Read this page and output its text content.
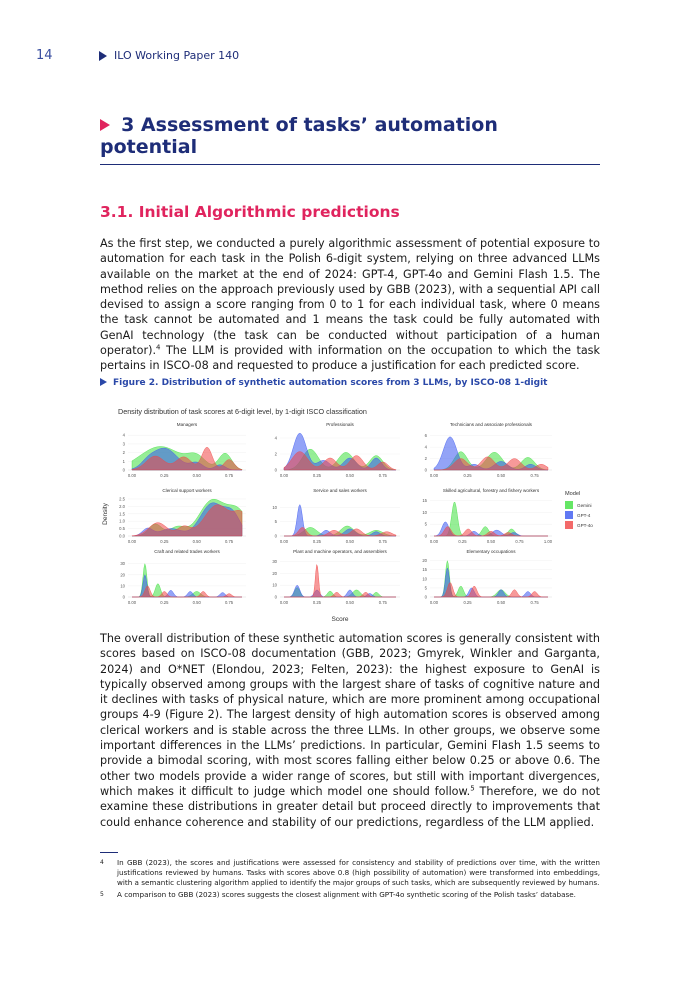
14	ILO Working Paper 140
3 Assessment of tasks’ automation potential
3.1. Initial Algorithmic predictions
As the first step, we conducted a purely algorithmic assessment of potential exposure to automation for each task in the Polish 6-digit system, relying on three advanced LLMs available on the market at the end of 2024: GPT-4, GPT-4o and Gemini Flash 1.5. The method relies on the approach previously used by GBB (2023), with a sequential API call devised to assign a score ranging from 0 to 1 for each individual task, where 0 means the task cannot be automated and 1 means the task could be fully automated with GenAI technology (the task can be conducted without participation of a human operator).$^4$ The LLM is provided with information on the occupation to which the task pertains in ISCO-08 and requested to produce a justification for each predicted score.
Figure 2. Distribution of synthetic automation scores from 3 LLMs, by ISCO-08 1-digit
Density distribution of task scores at 6-digit level, by 1-digit ISCO classification
Density
Score
Managers
0
1
2
3
4
0.00	0.25	0.50	0.75
Professionals
0
2
4
0.00	0.25	0.50	0.75
Technicians and associate professionals
0
2
4
6
0.00	0.25	0.50	0.75
Clerical support workers
0.0
0.5
1.0
1.5
2.0
2.5
0.00	0.25	0.50	0.75
Service and sales workers
0
5
10
0.00	0.25	0.50	0.75
Skilled agricultural, forestry and fishery workers
0
5
10
15
0.00	0.25	0.50	0.75	1.00
Craft and related trades workers
0
10
20
30
0.00	0.25	0.50	0.75
Plant and machine operators, and assemblers
0
10
20
30
0.00	0.25	0.50	0.75
Elementary occupations
0
5
10
15
20
0.00	0.25	0.50	0.75
Model
Gemini
GPT-4
GPT-4o
The overall distribution of these synthetic automation scores is generally consistent with scores based on ISCO-08 documentation (GBB, 2023; Gmyrek, Winkler and Garganta, 2024) and O*NET (Elondou, 2023; Felten, 2023): the highest exposure to GenAI is typically observed among groups with the largest share of tasks of cognitive nature and it declines with tasks of physical nature, which are more prominent among occupational groups 4-9 (Figure 2). The largest density of high automation scores is observed among clerical workers and is stable across the three LLMs. In other groups, we observe some important differences in the LLMs’ predictions. In particular, Gemini Flash 1.5 seems to provide a bimodal scoring, with most scores falling either below 0.25 or above 0.6. The other two models provide a wider range of scores, but still with important divergences, which makes it difficult to judge which model one should follow.$^5$ Therefore, we do not examine these distributions in greater detail but proceed directly to improvements that could enhance coherence and stability of our predictions, regardless of the LLM applied.
4 In GBB (2023), the scores and justifications were assessed for consistency and stability of predictions over time, with the written justifications reviewed by humans. Tasks with scores above 0.8 (high possibility of automation) were transformed into embeddings, with a semantic clustering algorithm applied to identify the major groups of such tasks, which are subsequently reviewed by humans.
5 A comparison to GBB (2023) scores suggests the closest alignment with GPT-4o synthetic scoring of the Polish tasks’ database.
